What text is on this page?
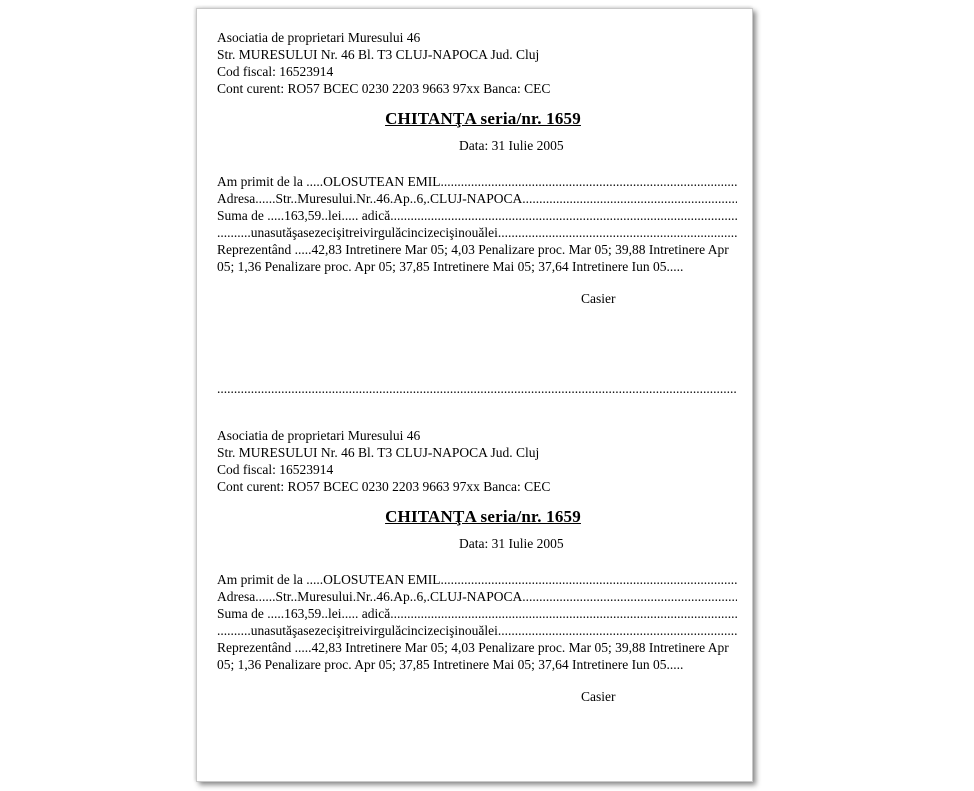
Asociatia de proprietari Muresului 46
Str. MURESULUI Nr. 46 Bl. T3 CLUJ-NAPOCA Jud. Cluj
Cod fiscal: 16523914
Cont curent: RO57 BCEC 0230 2203 9663 97xx Banca: CEC
CHITANŢA seria/nr. 1659
Data: 31 Iulie 2005
Am primit de la .....OLOSUTEAN EMIL
.....
Adresa......Str..Muresului.Nr..46.Ap..6,.CLUJ-NAPOCA
.....
Suma de .....163,59..lei..... adică
.....
..........unasutăşasezecişitreivirgulăcincizecişinouălei
.....
Reprezentând .....42,83 Intretinere Mar 05; 4,03 Penalizare proc. Mar 05; 39,88 Intretinere Apr 05; 1,36 Penalizare proc. Apr 05; 37,85 Intretinere Mai 05; 37,64 Intretinere Iun 05.....
Casier
.....
Asociatia de proprietari Muresului 46
Str. MURESULUI Nr. 46 Bl. T3 CLUJ-NAPOCA Jud. Cluj
Cod fiscal: 16523914
Cont curent: RO57 BCEC 0230 2203 9663 97xx Banca: CEC
CHITANŢA seria/nr. 1659
Data: 31 Iulie 2005
Am primit de la .....OLOSUTEAN EMIL
.....
Adresa......Str..Muresului.Nr..46.Ap..6,.CLUJ-NAPOCA
.....
Suma de .....163,59..lei..... adică
.....
..........unasutăşasezecişitreivirgulăcincizecişinouălei
.....
Reprezentând .....42,83 Intretinere Mar 05; 4,03 Penalizare proc. Mar 05; 39,88 Intretinere Apr 05; 1,36 Penalizare proc. Apr 05; 37,85 Intretinere Mai 05; 37,64 Intretinere Iun 05.....
Casier
